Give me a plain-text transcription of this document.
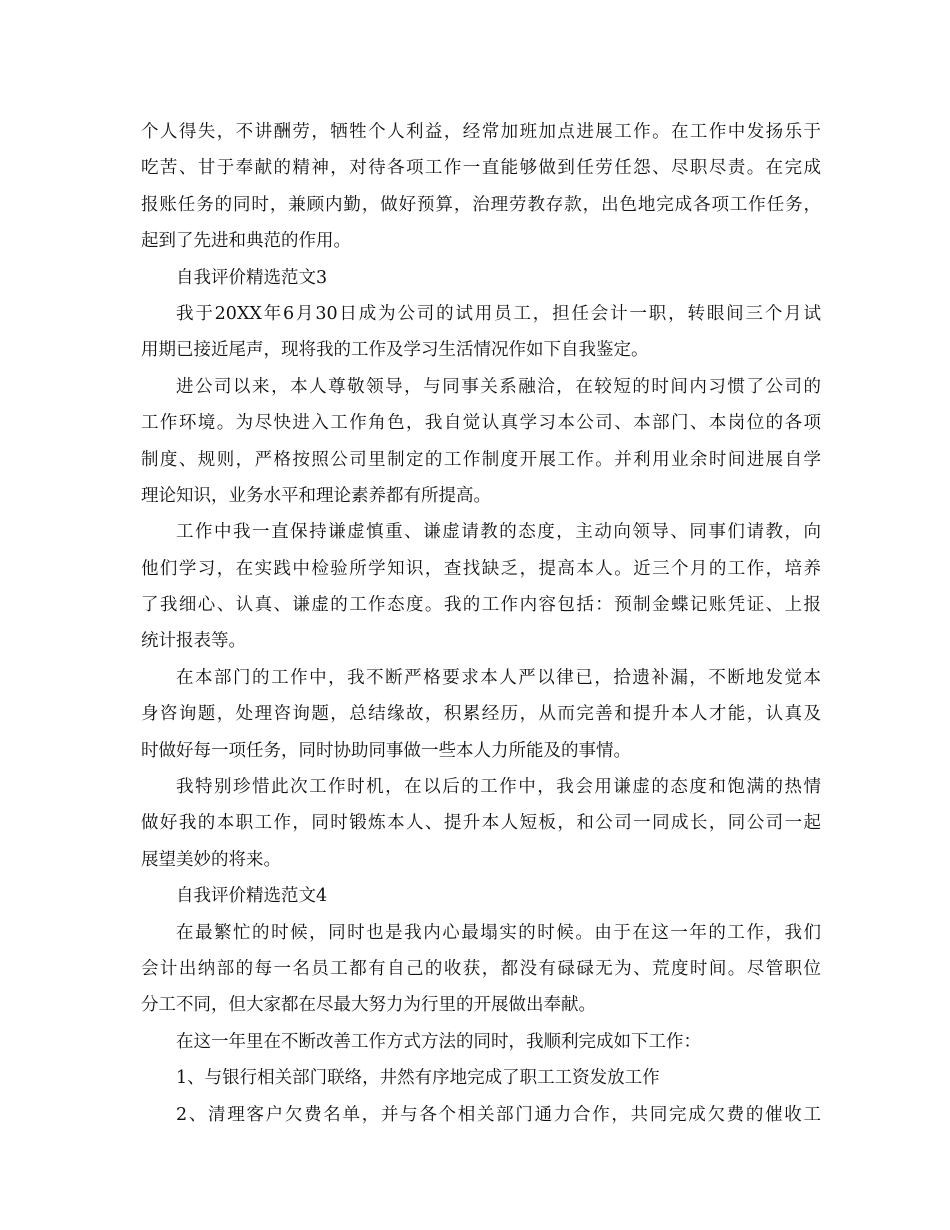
个人得失，不讲酬劳，牺牲个人利益，经常加班加点进展工作。在工作中发扬乐于
吃苦、甘于奉献的精神，对待各项工作一直能够做到任劳任怨、尽职尽责。在完成
报账任务的同时，兼顾内勤，做好预算，治理劳教存款，出色地完成各项工作任务，
起到了先进和典范的作用。
自我评价精选范文3
我于20XX年6月30日成为公司的试用员工，担任会计一职，转眼间三个月试
用期已接近尾声，现将我的工作及学习生活情况作如下自我鉴定。
进公司以来，本人尊敬领导，与同事关系融洽，在较短的时间内习惯了公司的
工作环境。为尽快进入工作角色，我自觉认真学习本公司、本部门、本岗位的各项
制度、规则，严格按照公司里制定的工作制度开展工作。并利用业余时间进展自学
理论知识，业务水平和理论素养都有所提高。
工作中我一直保持谦虚慎重、谦虚请教的态度，主动向领导、同事们请教，向
他们学习，在实践中检验所学知识，查找缺乏，提高本人。近三个月的工作，培养
了我细心、认真、谦虚的工作态度。我的工作内容包括：预制金蝶记账凭证、上报
统计报表等。
在本部门的工作中，我不断严格要求本人严以律已，拾遗补漏，不断地发觉本
身咨询题，处理咨询题，总结缘故，积累经历，从而完善和提升本人才能，认真及
时做好每一项任务，同时协助同事做一些本人力所能及的事情。
我特别珍惜此次工作时机，在以后的工作中，我会用谦虚的态度和饱满的热情
做好我的本职工作，同时锻炼本人、提升本人短板，和公司一同成长，同公司一起
展望美妙的将来。
自我评价精选范文4
在最繁忙的时候，同时也是我内心最塌实的时候。由于在这一年的工作，我们
会计出纳部的每一名员工都有自己的收获，都没有碌碌无为、荒度时间。尽管职位
分工不同，但大家都在尽最大努力为行里的开展做出奉献。
在这一年里在不断改善工作方式方法的同时，我顺利完成如下工作：
1、与银行相关部门联络，井然有序地完成了职工工资发放工作
2、清理客户欠费名单，并与各个相关部门通力合作，共同完成欠费的催收工
